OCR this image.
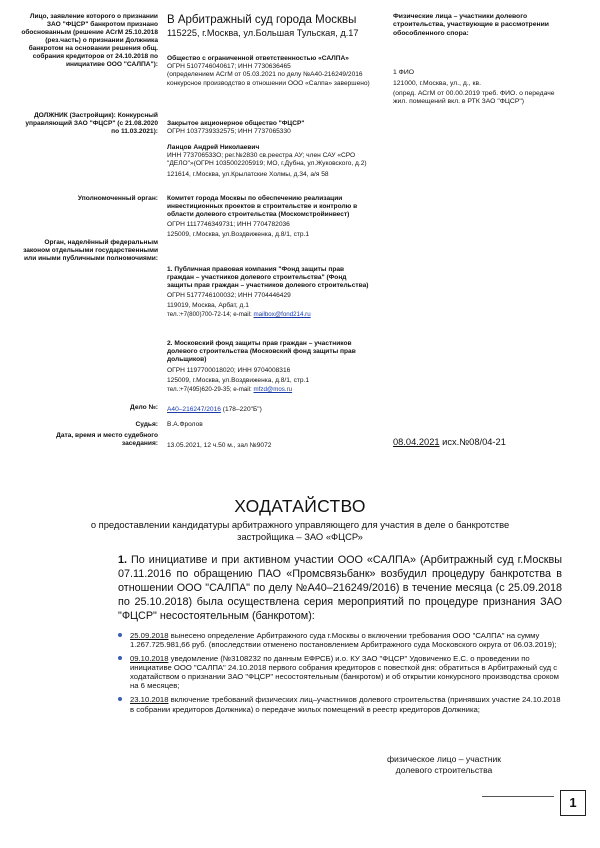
Лицо, заявление которого о признании ЗАО "ФЦСР" банкротом признано обоснованным (решение АСгМ 25.10.2018 (рез.часть) о признании Должника банкротом на основании решения общ. собрания кредиторов от 24.10.2018 по инициативе ООО "САЛПА"):
ДОЛЖНИК (Застройщик): Конкурсный управляющий ЗАО "ФЦСР" (с 21.08.2020 по 11.03.2021):
Уполномоченный орган:
Орган, наделённый федеральным законом отдельными государственными или иными публичными полномочиями:
Дело №:
Судья:
Дата, время и место судебного заседания:
В Арбитражный суд города Москвы
115225, г.Москва, ул.Большая Тульская, д.17
Общество с ограниченной ответственностью «САЛПА»
ОГРН 5107746040617; ИНН 7730636465
(определением АСгМ от 05.03.2021 по делу №А40-216249/2016 конкурсное производство в отношении ООО «Салпа» завершено)
Закрытое акционерное общество "ФЦСР"
ОГРН 1037739332575; ИНН 7737065330
Ланцов Андрей Николаевич
ИНН 773706533О; рег.№2830 св.реестра АУ; член САУ «СРО "ДЕЛО"»(ОГРН 1035002205919; МО, г.Дубна, ул.Жуковского, д.2)
121614, г.Москва, ул.Крылатские Холмы, д.34, а/я 58
Комитет города Москвы по обеспечению реализации инвестиционных проектов в строительстве и контролю в области долевого строительства (Москомстройинвест)
ОГРН 1117746349731; ИНН 7704782036
125009, г.Москва, ул.Воздвиженка, д.8/1, стр.1
1. Публичная правовая компания "Фонд защиты прав граждан – участников долевого строительства" (Фонд защиты прав граждан – участников долевого строительства)
ОГРН 5177746100032; ИНН 7704446429
119019, Москва, Арбат, д.1
тел.:+7(800)700-72-14; e-mail: mailbox@fond214.ru
2. Московский фонд защиты прав граждан – участников долевого строительства (Московский фонд защиты прав дольщиков)
ОГРН 1197700018020; ИНН 9704008316
125009, г.Москва, ул.Воздвиженка, д.8/1, стр.1
тел.:+7(495)620-29-35; e-mail: mfzd@mos.ru
А40–216247/2016 (178–220"Б")
В.А.Фролов
13.05.2021, 12 ч.50 м., зал №9072
Физические лица – участники долевого строительства, участвующие в рассмотрении обособленного спора:
1 ФИО
121000, г.Москва, ул., д., кв.
(опред. АСгМ от 00.00.2019 треб. ФИО. о передаче жил. помещений вкл. в РТК ЗАО "ФЦСР")
08.04.2021 исх.№08/04-21
ХОДАТАЙСТВО
о предоставлении кандидатуры арбитражного управляющего для участия в деле о банкротстве застройщика – ЗАО «ФЦСР»
1. По инициативе и при активном участии ООО «САЛПА» (Арбитражный суд г.Москвы 07.11.2016 по обращению ПАО «Промсвязьбанк» возбудил процедуру банкротства в отношении ООО "САЛПА" по делу №А40–216249/2016) в течение месяца (с 25.09.2018 по 25.10.2018) была осуществлена серия мероприятий по процедуре признания ЗАО "ФЦСР" несостоятельным (банкротом):
25.09.2018 вынесено определение Арбитражного суда г.Москвы о включении требования ООО "САЛПА" на сумму 1.267.725.981,66 руб. (впоследствии отменено постановлением Арбитражного суда Московского округа от 06.03.2019);
09.10.2018 уведомление (№3108232 по данным ЕФРСБ) и.о. КУ ЗАО "ФЦСР" Удовиченко Е.С. о проведении по инициативе ООО "САЛПА" 24.10.2018 первого собрания кредиторов с повесткой дня: обратиться в Арбитражный суд с ходатайством о признании ЗАО "ФЦСР" несостоятельным (банкротом) и об открытии конкурсного производства сроком на 6 месяцев;
23.10.2018 включение требований физических лиц–участников долевого строительства (принявших участие 24.10.2018 в собрании кредиторов Должника) о передаче жилых помещений в реестр кредиторов Должника;
физическое лицо – участник долевого строительства
1
